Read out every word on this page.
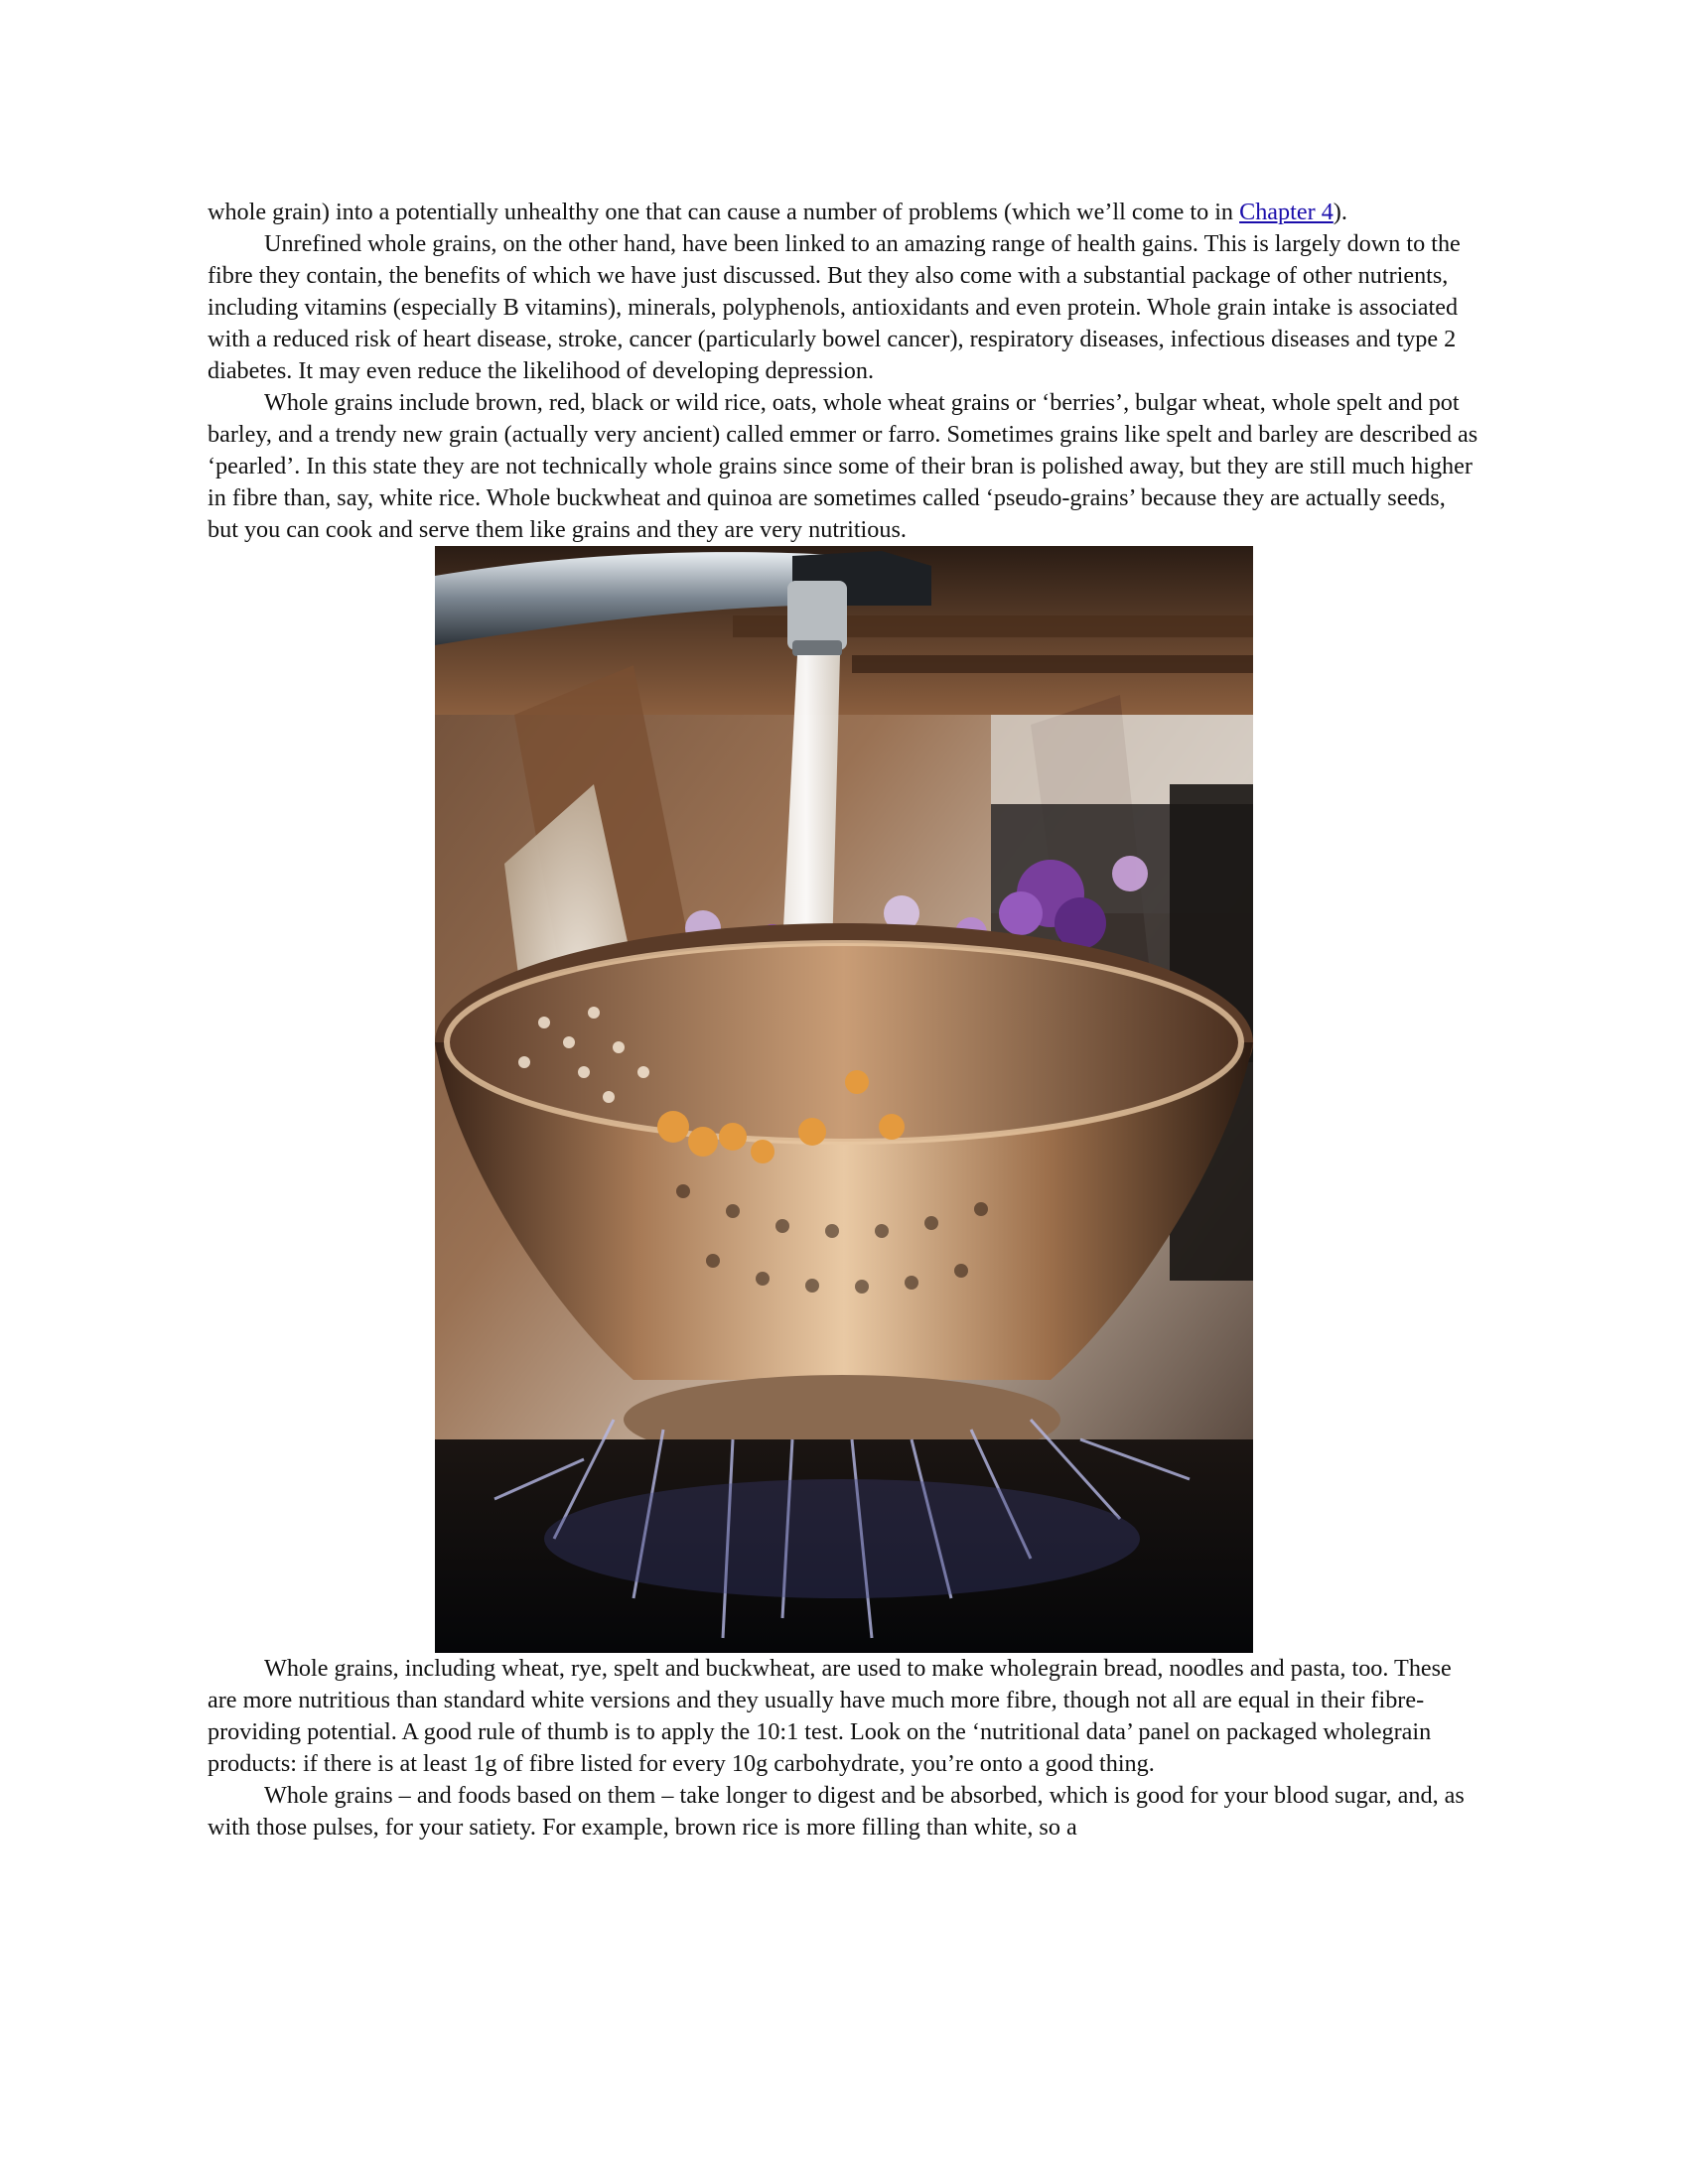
whole grain) into a potentially unhealthy one that can cause a number of problems (which we’ll come to in Chapter 4).

Unrefined whole grains, on the other hand, have been linked to an amazing range of health gains. This is largely down to the fibre they contain, the benefits of which we have just discussed. But they also come with a substantial package of other nutrients, including vitamins (especially B vitamins), minerals, polyphenols, antioxidants and even protein. Whole grain intake is associated with a reduced risk of heart disease, stroke, cancer (particularly bowel cancer), respiratory diseases, infectious diseases and type 2 diabetes. It may even reduce the likelihood of developing depression.

Whole grains include brown, red, black or wild rice, oats, whole wheat grains or ‘berries’, bulgar wheat, whole spelt and pot barley, and a trendy new grain (actually very ancient) called emmer or farro. Sometimes grains like spelt and barley are described as ‘pearled’. In this state they are not technically whole grains since some of their bran is polished away, but they are still much higher in fibre than, say, white rice. Whole buckwheat and quinoa are sometimes called ‘pseudo-grains’ because they are actually seeds, but you can cook and serve them like grains and they are very nutritious.

Whole grains, including wheat, rye, spelt and buckwheat, are used to make wholegrain bread, noodles and pasta, too. These are more nutritious than standard white versions and they usually have much more fibre, though not all are equal in their fibre-providing potential. A good rule of thumb is to apply the 10:1 test. Look on the ‘nutritional data’ panel on packaged wholegrain products: if there is at least 1g of fibre listed for every 10g carbohydrate, you’re onto a good thing.

Whole grains – and foods based on them – take longer to digest and be absorbed, which is good for your blood sugar, and, as with those pulses, for your satiety. For example, brown rice is more filling than white, so a
